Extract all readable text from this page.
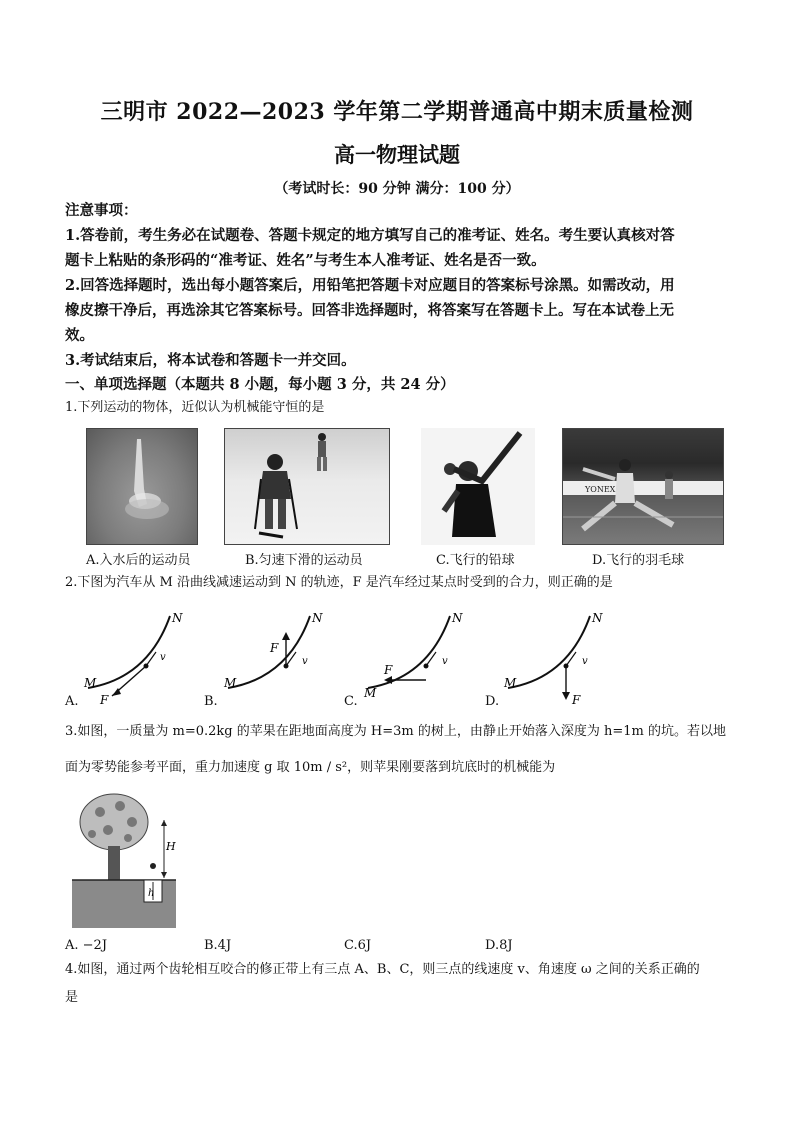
三明市 2022—2023 学年第二学期普通高中期末质量检测
高一物理试题
（考试时长：90 分钟 满分：100 分）
注意事项：
1.答卷前，考生务必在试题卷、答题卡规定的地方填写自己的准考证、姓名。考生要认真核对答
题卡上粘贴的条形码的“准考证、姓名”与考生本人准考证、姓名是否一致。
2.回答选择题时，选出每小题答案后，用铅笔把答题卡对应题目的答案标号涂黑。如需改动，用
橡皮擦干净后，再选涂其它答案标号。回答非选择题时，将答案写在答题卡上。写在本试卷上无
效。
3.考试结束后，将本试卷和答题卡一并交回。
一、单项选择题（本题共 8 小题，每小题 3 分，共 24 分）
1.下列运动的物体，近似认为机械能守恒的是
YONEX
A.入水后的运动员	B.匀速下滑的运动员	C.飞行的铅球	D.飞行的羽毛球
2.下图为汽车从 M 沿曲线减速运动到 N 的轨迹，F 是汽车经过某点时受到的合力，则正确的是
A.
M
N
F
v
B.
M
N
F
v
C.
M
N
F
v
D.
M
N
F
v
3.如图，一质量为 m=0.2kg 的苹果在距地面高度为 H=3m 的树上，由静止开始落入深度为 h=1m 的坑。若以地
面为零势能参考平面，重力加速度 g 取 10m / s²，则苹果刚要落到坑底时的机械能为
H
h
A. −2J	B.4J	C.6J	D.8J
4.如图，通过两个齿轮相互咬合的修正带上有三点 A、B、C，则三点的线速度 v、角速度 ω 之间的关系正确的
是
